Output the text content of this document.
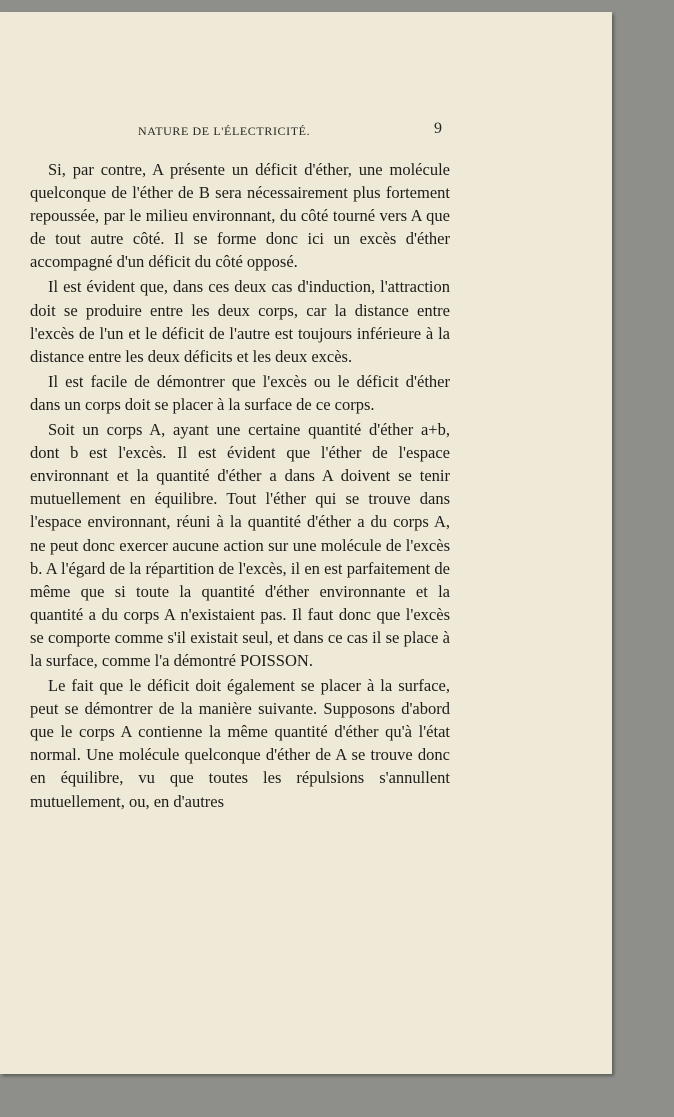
NATURE DE L'ÉLECTRICITÉ.	9

Si, par contre, A présente un déficit d'éther, une molécule quelconque de l'éther de B sera nécessairement plus fortement repoussée, par le milieu environnant, du côté tourné vers A que de tout autre côté. Il se forme donc ici un excès d'éther accompagné d'un déficit du côté opposé.

Il est évident que, dans ces deux cas d'induction, l'attraction doit se produire entre les deux corps, car la distance entre l'excès de l'un et le déficit de l'autre est toujours inférieure à la distance entre les deux déficits et les deux excès.

Il est facile de démontrer que l'excès ou le déficit d'éther dans un corps doit se placer à la surface de ce corps.

Soit un corps A, ayant une certaine quantité d'éther a+b, dont b est l'excès. Il est évident que l'éther de l'espace environnant et la quantité d'éther a dans A doivent se tenir mutuellement en équilibre. Tout l'éther qui se trouve dans l'espace environnant, réuni à la quantité d'éther a du corps A, ne peut donc exercer aucune action sur une molécule de l'excès b. A l'égard de la répartition de l'excès, il en est parfaitement de même que si toute la quantité d'éther environnante et la quantité a du corps A n'existaient pas. Il faut donc que l'excès se comporte comme s'il existait seul, et dans ce cas il se place à la surface, comme l'a démontré POISSON.

Le fait que le déficit doit également se placer à la surface, peut se démontrer de la manière suivante. Supposons d'abord que le corps A contienne la même quantité d'éther qu'à l'état normal. Une molécule quelconque d'éther de A se trouve donc en équilibre, vu que toutes les répulsions s'annullent mutuellement, ou, en d'autres
